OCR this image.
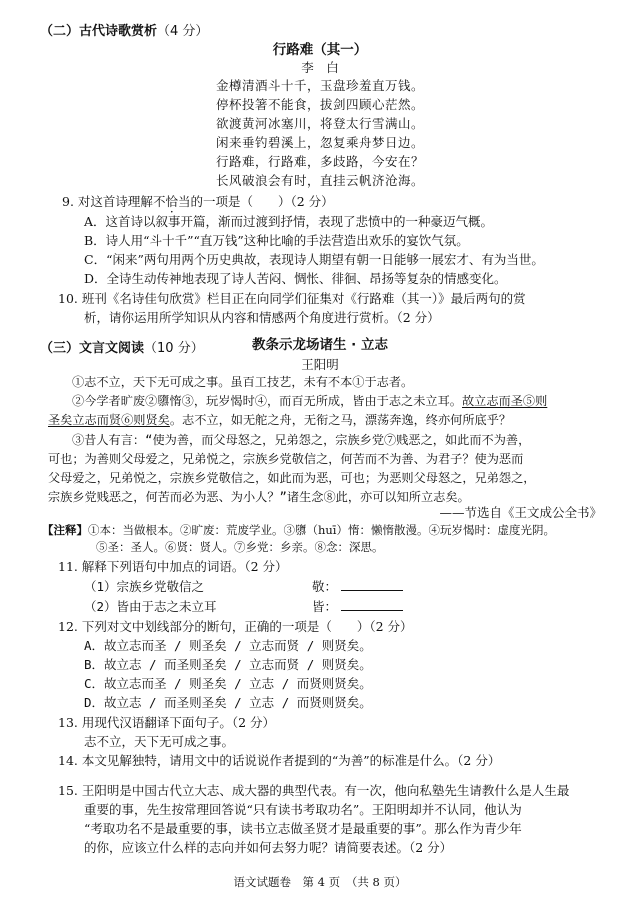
（二）古代诗歌赏析（4 分）
行路难（其一）
李　白
金樽清酒斗十千，玉盘珍羞直万钱。
停杯投箸不能食，拔剑四顾心茫然。
欲渡黄河冰塞川，将登太行雪满山。
闲来垂钓碧溪上，忽复乘舟梦日边。
行路难，行路难，多歧路，今安在？
长风破浪会有时，直挂云帆济沧海。
9. 对这首诗理解不恰当的一项是（　　）（2 分）
A．这首诗以叙事开篇，渐而过渡到抒情，表现了悲愤中的一种豪迈气概。
B．诗人用“斗十千”“直万钱”这种比喻的手法营造出欢乐的宴饮气氛。
C．“闲来”两句用两个历史典故，表现诗人期望有朝一日能够一展宏才、有为当世。
D．全诗生动传神地表现了诗人苦闷、惆怅、徘徊、昂扬等复杂的情感变化。
10. 班刊《名诗佳句欣赏》栏目正在向同学们征集对《行路难（其一）》最后两句的赏
析，请你运用所学知识从内容和情感两个角度进行赏析。（2 分）
（三）文言文阅读（10 分）	教条示龙场诸生 · 立志
王阳明
①志不立，天下无可成之事。虽百工技艺，未有不本①于志者。
②今学者旷废②隳惰③，玩岁愒时④，而百无所成，皆由于志之未立耳。故立志而圣⑤则
圣矣立志而贤⑥则贤矣。志不立，如无舵之舟，无衔之马，漂荡奔逸，终亦何所底乎？
③昔人有言：“使为善，而父母怒之，兄弟怨之，宗族乡党⑦贱恶之，如此而不为善，
可也；为善则父母爱之，兄弟悦之，宗族乡党敬信之，何苦而不为善、为君子？使为恶而
父母爱之，兄弟悦之，宗族乡党敬信之，如此而为恶，可也；为恶则父母怒之，兄弟怨之，
宗族乡党贱恶之，何苦而必为恶、为小人？”诸生念⑧此，亦可以知所立志矣。
——节选自《王文成公全书》
【注释】①本：当做根本。②旷废：荒废学业。③隳（huī）惰：懒惰散漫。④玩岁愒时：虚度光阴。
⑤圣：圣人。⑥贤：贤人。⑦乡党：乡亲。⑧念：深思。
11. 解释下列语句中加点的词语。（2 分）
（1）宗族乡党敬信之	敬：
（2）皆由于志之未立耳	皆：
12. 下列对文中划线部分的断句，正确的一项是（　　）（2 分）
A．故立志而圣 / 则圣矣 / 立志而贤 / 则贤矣。
B．故立志 / 而圣则圣矣 / 立志而贤 / 则贤矣。
C．故立志而圣 / 则圣矣 / 立志 / 而贤则贤矣。
D．故立志 / 而圣则圣矣 / 立志 / 而贤则贤矣。
13. 用现代汉语翻译下面句子。（2 分）
志不立，天下无可成之事。
14. 本文见解独特，请用文中的话说说作者提到的“为善”的标准是什么。（2 分）
15. 王阳明是中国古代立大志、成大器的典型代表。有一次，他向私塾先生请教什么是人生最
重要的事，先生按常理回答说“只有读书考取功名”。王阳明却并不认同，他认为
“考取功名不是最重要的事，读书立志做圣贤才是最重要的事”。那么作为青少年
的你，应该立什么样的志向并如何去努力呢？请简要表述。（2 分）
语文试题卷　第 4 页　（共 8 页）
